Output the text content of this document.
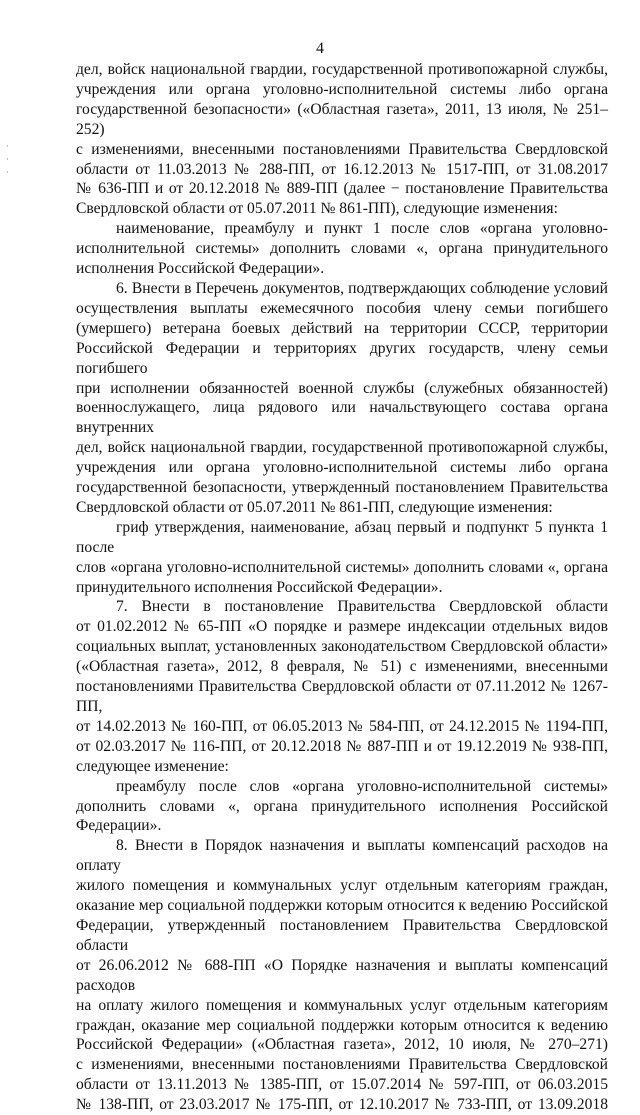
4
·
·
·

дел, войск национальной гвардии, государственной противопожарной службы,

учреждения или органа уголовно-исполнительной системы либо органа

государственной безопасности» («Областная газета», 2011, 13 июля, № 251–252)

с изменениями, внесенными постановлениями Правительства Свердловской

области от 11.03.2013 № 288-ПП, от 16.12.2013 № 1517-ПП, от 31.08.2017

№ 636-ПП и от 20.12.2018 № 889-ПП (далее − постановление Правительства

Свердловской области от 05.07.2011 № 861-ПП), следующие изменения:

наименование, преамбулу и пункт 1 после слов «органа уголовно-

исполнительной системы» дополнить словами «, органа принудительного

исполнения Российской Федерации».

6. Внести в Перечень документов, подтверждающих соблюдение условий

осуществления выплаты ежемесячного пособия члену семьи погибшего

(умершего) ветерана боевых действий на территории СССР, территории

Российской Федерации и территориях других государств, члену семьи погибшего

при исполнении обязанностей военной службы (служебных обязанностей)

военнослужащего, лица рядового или начальствующего состава органа внутренних

дел, войск национальной гвардии, государственной противопожарной службы,

учреждения или органа уголовно-исполнительной системы либо органа

государственной безопасности, утвержденный постановлением Правительства

Свердловской области от 05.07.2011 № 861-ПП, следующие изменения:

гриф утверждения, наименование, абзац первый и подпункт 5 пункта 1 после

слов «органа уголовно-исполнительной системы» дополнить словами «, органа

принудительного исполнения Российской Федерации».

7. Внести в постановление Правительства Свердловской области

от 01.02.2012 № 65-ПП «О порядке и размере индексации отдельных видов

социальных выплат, установленных законодательством Свердловской области»

(«Областная газета», 2012, 8 февраля, № 51) с изменениями, внесенными

постановлениями Правительства Свердловской области от 07.11.2012 № 1267-ПП,

от 14.02.2013 № 160-ПП, от 06.05.2013 № 584-ПП, от 24.12.2015 № 1194-ПП,

от 02.03.2017 № 116-ПП, от 20.12.2018 № 887-ПП и от 19.12.2019 № 938-ПП,

следующее изменение:

преамбулу после слов «органа уголовно-исполнительной системы»

дополнить словами «, органа принудительного исполнения Российской

Федерации».

8. Внести в Порядок назначения и выплаты компенсаций расходов на оплату

жилого помещения и коммунальных услуг отдельным категориям граждан,

оказание мер социальной поддержки которым относится к ведению Российской

Федерации, утвержденный постановлением Правительства Свердловской области

от 26.06.2012 № 688-ПП «О Порядке назначения и выплаты компенсаций расходов

на оплату жилого помещения и коммунальных услуг отдельным категориям

граждан, оказание мер социальной поддержки которым относится к ведению

Российской Федерации» («Областная газета», 2012, 10 июля, № 270–271)

с изменениями, внесенными постановлениями Правительства Свердловской

области от 13.11.2013 № 1385-ПП, от 15.07.2014 № 597-ПП, от 06.03.2015

№ 138-ПП, от 23.03.2017 № 175-ПП, от 12.10.2017 № 733-ПП, от 13.09.2018
